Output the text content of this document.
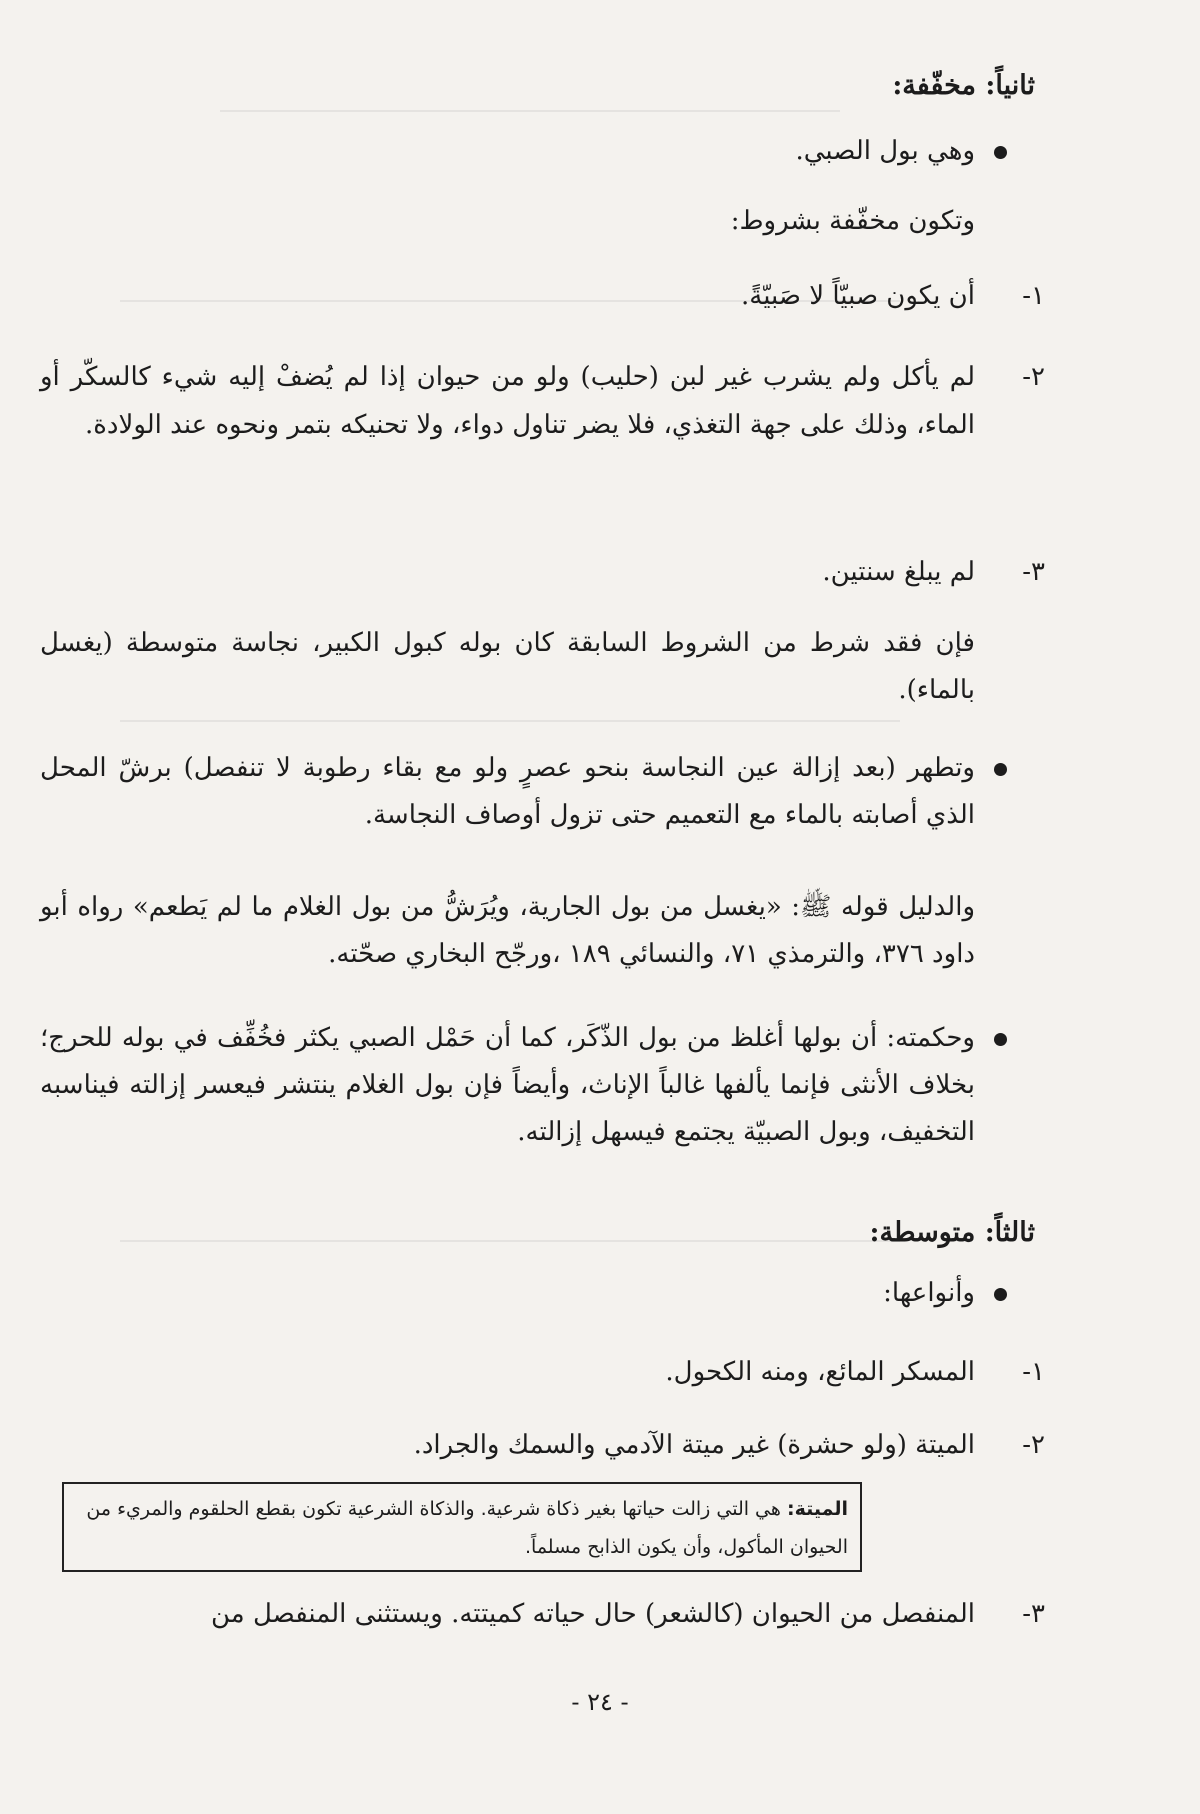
ثانياً: مخفّفة:
وهي بول الصبي.
وتكون مخفّفة بشروط:
١-
أن يكون صبيّاً لا صَبيّةً.
٢-
لم يأكل ولم يشرب غير لبن (حليب) ولو من حيوان إذا لم يُضفْ إليه شيء كالسكّر أو الماء، وذلك على جهة التغذي، فلا يضر تناول دواء، ولا تحنيكه بتمر ونحوه عند الولادة.
٣-
لم يبلغ سنتين.
فإن فقد شرط من الشروط السابقة كان بوله كبول الكبير، نجاسة متوسطة (يغسل بالماء).
وتطهر (بعد إزالة عين النجاسة بنحو عصرٍ ولو مع بقاء رطوبة لا تنفصل) برشّ المحل الذي أصابته بالماء مع التعميم حتى تزول أوصاف النجاسة.
والدليل قوله ﷺ: «يغسل من بول الجارية، ويُرَشُّ من بول الغلام ما لم يَطعم» رواه أبو داود ٣٧٦، والترمذي ٧١، والنسائي ١٨٩ ،ورجّح البخاري صحّته.
وحكمته: أن بولها أغلظ من بول الذّكَر، كما أن حَمْل الصبي يكثر فخُفِّف في بوله للحرج؛ بخلاف الأنثى فإنما يألفها غالباً الإناث، وأيضاً فإن بول الغلام ينتشر فيعسر إزالته فيناسبه التخفيف، وبول الصبيّة يجتمع فيسهل إزالته.
ثالثاً: متوسطة:
وأنواعها:
١-
المسكر المائع، ومنه الكحول.
٢-
الميتة (ولو حشرة) غير ميتة الآدمي والسمك والجراد.
الميتة: هي التي زالت حياتها بغير ذكاة شرعية. والذكاة الشرعية تكون بقطع الحلقوم والمريء من الحيوان المأكول، وأن يكون الذابح مسلماً.
٣-
المنفصل من الحيوان (كالشعر) حال حياته كميتته. ويستثنى المنفصل من
- ٢٤ -
